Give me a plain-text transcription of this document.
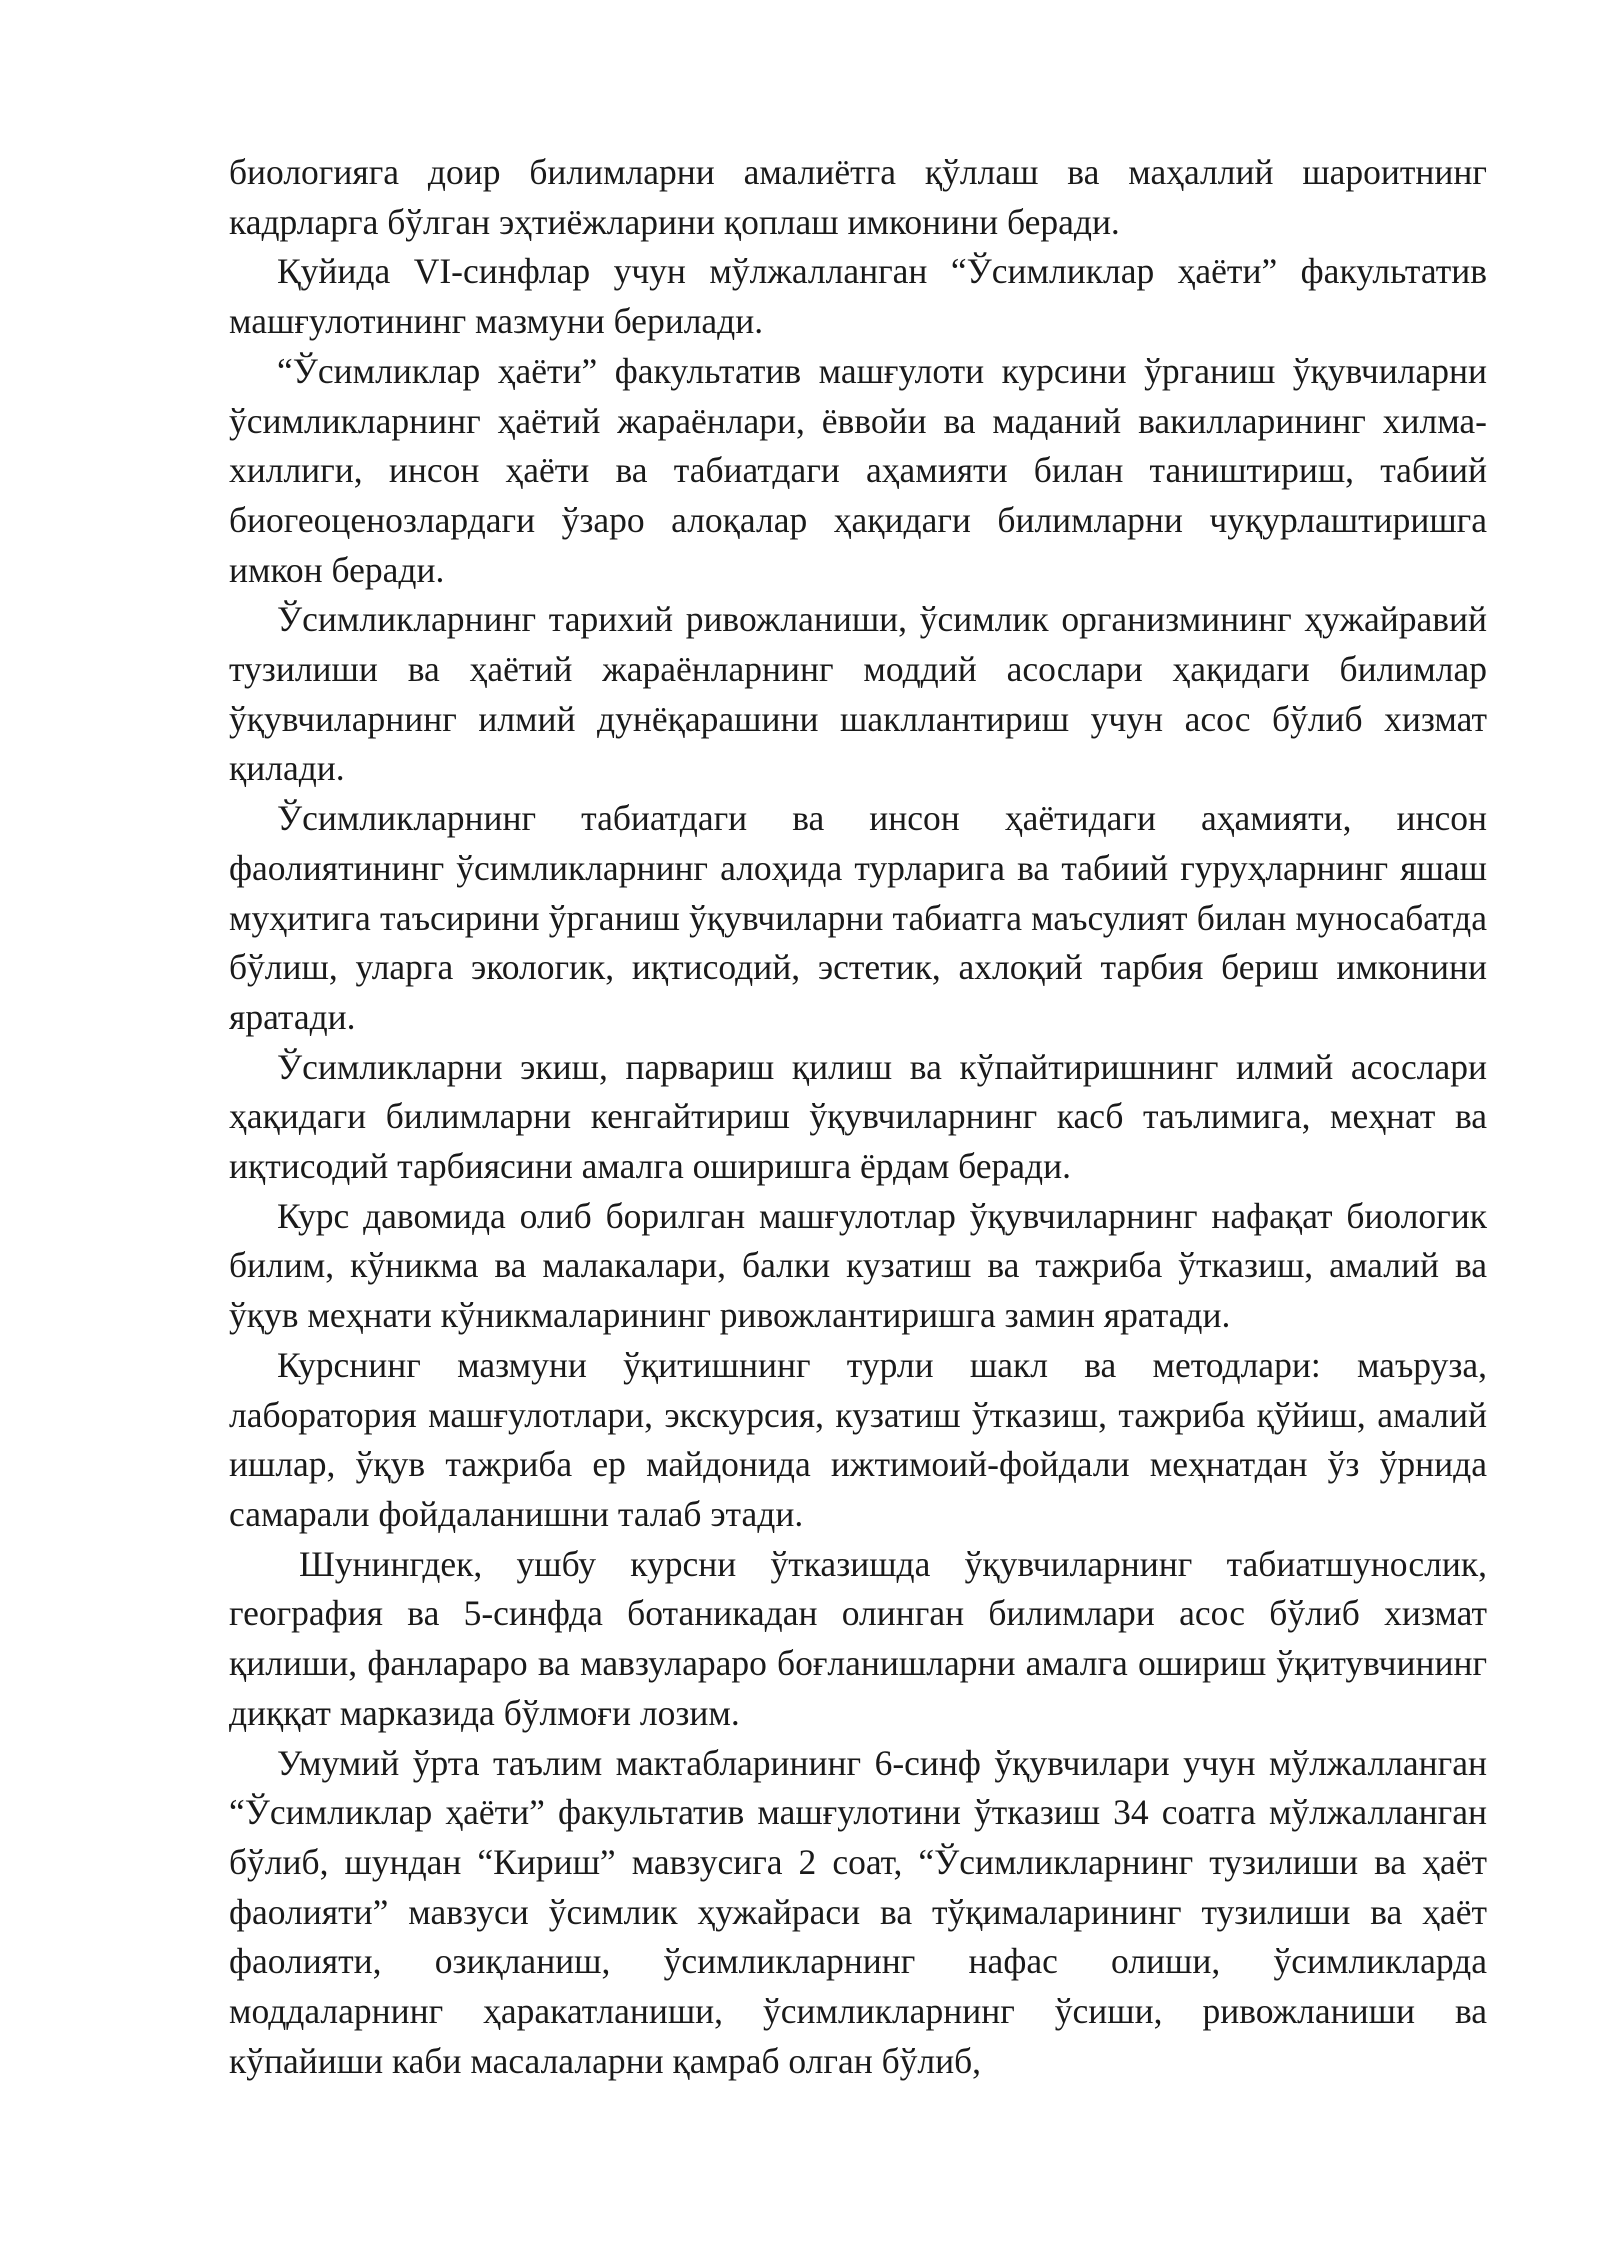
биологияга доир билимларни амалиётга қўллаш ва маҳаллий шароитнинг кадрларга бўлган эҳтиёжларини қоплаш имконини беради.

Қуйида VI-синфлар учун мўлжалланган “Ўсимликлар ҳаёти” факультатив машғулотининг мазмуни берилади.

“Ўсимликлар ҳаёти” факультатив машғулоти курсини ўрганиш ўқувчиларни ўсимликларнинг ҳаётий жараёнлари, ёввойи ва маданий вакилларининг хилма-хиллиги, инсон ҳаёти ва табиатдаги аҳамияти билан таништириш, табиий биогеоценозлардаги ўзаро алоқалар ҳақидаги билимларни чуқурлаштиришга имкон беради.

Ўсимликларнинг тарихий ривожланиши, ўсимлик организмининг ҳужайравий тузилиши ва ҳаётий жараёнларнинг моддий асослари ҳақидаги билимлар ўқувчиларнинг илмий дунёқарашини шакллантириш учун асос бўлиб хизмат қилади.

Ўсимликларнинг табиатдаги ва инсон ҳаётидаги аҳамияти, инсон фаолиятининг ўсимликларнинг алоҳида турларига ва табиий гуруҳларнинг яшаш муҳитига таъсирини ўрганиш ўқувчиларни табиатга маъсулият билан муносабатда бўлиш, уларга экологик, иқтисодий, эстетик, ахлоқий тарбия бериш имконини яратади.

Ўсимликларни экиш, парвариш қилиш ва кўпайтиришнинг илмий асослари ҳақидаги билимларни кенгайтириш ўқувчиларнинг касб таълимига, меҳнат ва иқтисодий тарбиясини амалга оширишга ёрдам беради.

Курс давомида олиб борилган машғулотлар ўқувчиларнинг нафақат биологик билим, кўникма ва малакалари, балки кузатиш ва тажриба ўтказиш, амалий ва ўқув меҳнати кўникмаларининг ривожлантиришга замин яратади.

Курснинг мазмуни ўқитишнинг турли шакл ва методлари: маъруза, лаборатория машғулотлари, экскурсия, кузатиш ўтказиш, тажриба қўйиш, амалий ишлар, ўқув тажриба ер майдонида ижтимоий-фойдали меҳнатдан ўз ўрнида самарали фойдаланишни талаб этади.

Шунингдек, ушбу курсни ўтказишда ўқувчиларнинг табиатшунослик, география ва 5-синфда ботаникадан олинган билимлари асос бўлиб хизмат қилиши, фанлараро ва мавзулараро боғланишларни амалга ошириш ўқитувчининг диққат марказида бўлмоғи лозим.

Умумий ўрта таълим мактабларининг 6-синф ўқувчилари учун мўлжалланган “Ўсимликлар ҳаёти” факультатив машғулотини ўтказиш 34 соатга мўлжалланган бўлиб, шундан “Кириш” мавзусига 2 соат, “Ўсимликларнинг тузилиши ва ҳаёт фаолияти” мавзуси ўсимлик ҳужайраси ва тўқималарининг тузилиши ва ҳаёт фаолияти, озиқланиш, ўсимликларнинг нафас олиши, ўсимликларда моддаларнинг ҳаракатланиши, ўсимликларнинг ўсиши, ривожланиши ва кўпайиши каби масалаларни қамраб олган бўлиб,
